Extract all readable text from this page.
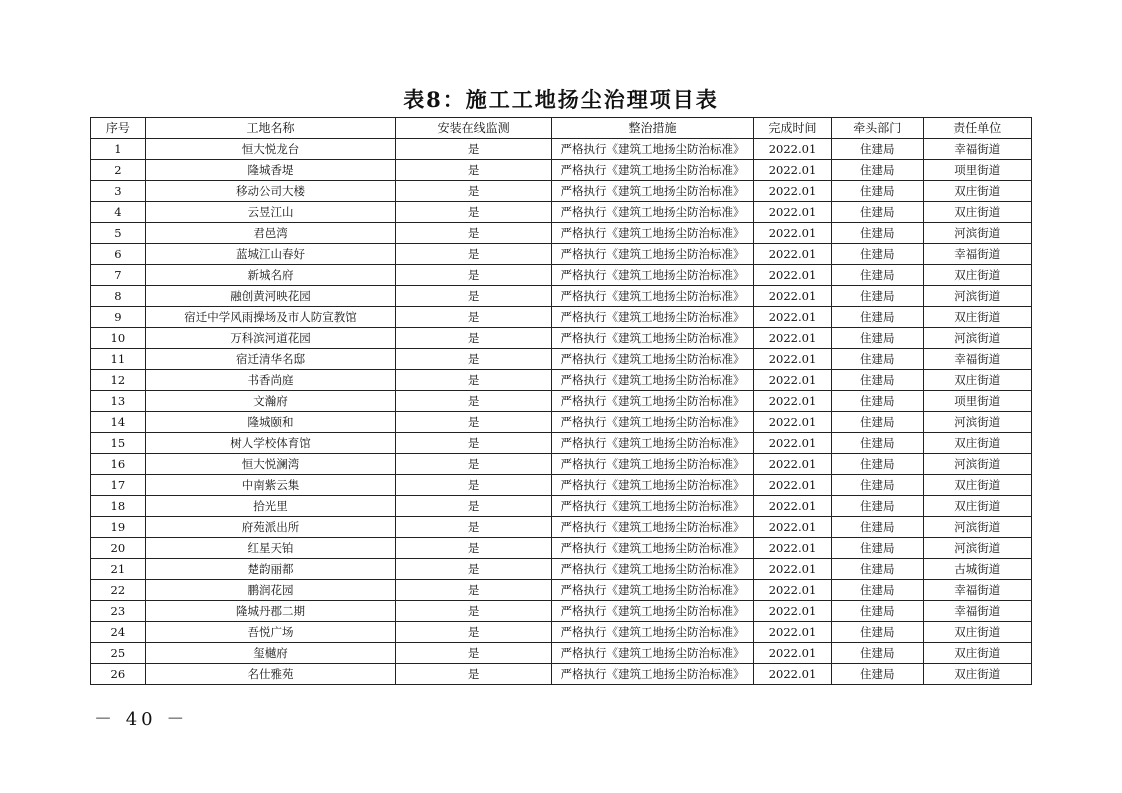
表8：施工工地扬尘治理项目表
序号	工地名称	安装在线监测	整治措施	完成时间	牵头部门	责任单位
1	恒大悦龙台	是	严格执行《建筑工地扬尘防治标准》	2022.01	住建局	幸福街道
2	隆城香堤	是	严格执行《建筑工地扬尘防治标准》	2022.01	住建局	项里街道
3	移动公司大楼	是	严格执行《建筑工地扬尘防治标准》	2022.01	住建局	双庄街道
4	云昱江山	是	严格执行《建筑工地扬尘防治标准》	2022.01	住建局	双庄街道
5	君邑湾	是	严格执行《建筑工地扬尘防治标准》	2022.01	住建局	河滨街道
6	蓝城江山春好	是	严格执行《建筑工地扬尘防治标准》	2022.01	住建局	幸福街道
7	新城名府	是	严格执行《建筑工地扬尘防治标准》	2022.01	住建局	双庄街道
8	融创黄河映花园	是	严格执行《建筑工地扬尘防治标准》	2022.01	住建局	河滨街道
9	宿迁中学风雨操场及市人防宣教馆	是	严格执行《建筑工地扬尘防治标准》	2022.01	住建局	双庄街道
10	万科滨河道花园	是	严格执行《建筑工地扬尘防治标准》	2022.01	住建局	河滨街道
11	宿迁清华名邸	是	严格执行《建筑工地扬尘防治标准》	2022.01	住建局	幸福街道
12	书香尚庭	是	严格执行《建筑工地扬尘防治标准》	2022.01	住建局	双庄街道
13	文瀚府	是	严格执行《建筑工地扬尘防治标准》	2022.01	住建局	项里街道
14	隆城颐和	是	严格执行《建筑工地扬尘防治标准》	2022.01	住建局	河滨街道
15	树人学校体育馆	是	严格执行《建筑工地扬尘防治标准》	2022.01	住建局	双庄街道
16	恒大悦澜湾	是	严格执行《建筑工地扬尘防治标准》	2022.01	住建局	河滨街道
17	中南紫云集	是	严格执行《建筑工地扬尘防治标准》	2022.01	住建局	双庄街道
18	拾光里	是	严格执行《建筑工地扬尘防治标准》	2022.01	住建局	双庄街道
19	府苑派出所	是	严格执行《建筑工地扬尘防治标准》	2022.01	住建局	河滨街道
20	红星天铂	是	严格执行《建筑工地扬尘防治标准》	2022.01	住建局	河滨街道
21	楚韵丽都	是	严格执行《建筑工地扬尘防治标准》	2022.01	住建局	古城街道
22	鹏润花园	是	严格执行《建筑工地扬尘防治标准》	2022.01	住建局	幸福街道
23	隆城丹郡二期	是	严格执行《建筑工地扬尘防治标准》	2022.01	住建局	幸福街道
24	吾悦广场	是	严格执行《建筑工地扬尘防治标准》	2022.01	住建局	双庄街道
25	玺樾府	是	严格执行《建筑工地扬尘防治标准》	2022.01	住建局	双庄街道
26	名仕雅苑	是	严格执行《建筑工地扬尘防治标准》	2022.01	住建局	双庄街道
－ 40 －
